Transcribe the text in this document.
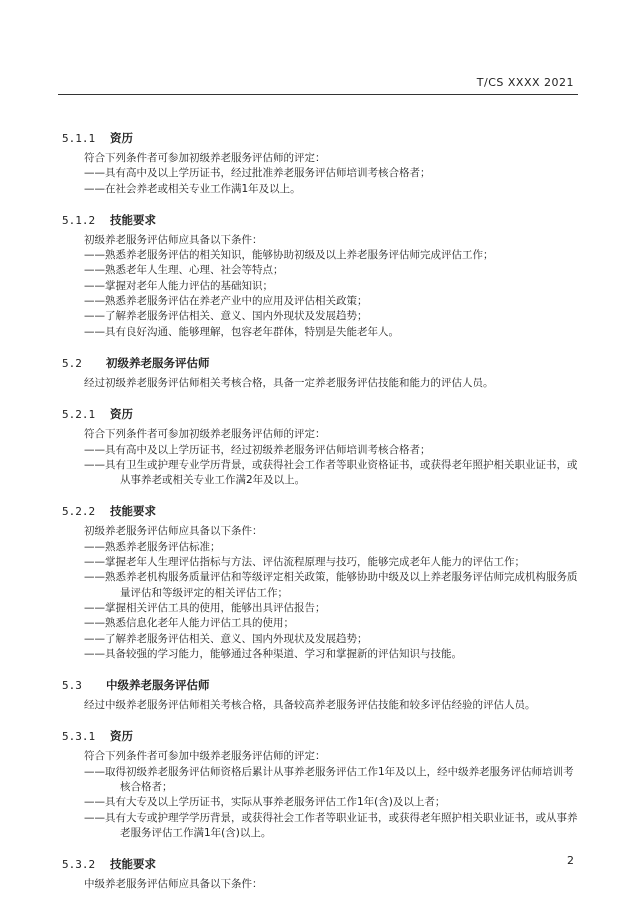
T/CS XXXX 2021
5.1.1 资历

符合下列条件者可参加初级养老服务评估师的评定：

——具有高中及以上学历证书，经过批准养老服务评估师培训考核合格者；

——在社会养老或相关专业工作满1年及以上。

5.1.2 技能要求

初级养老服务评估师应具备以下条件：

——熟悉养老服务评估的相关知识，能够协助初级及以上养老服务评估师完成评估工作；

——熟悉老年人生理、心理、社会等特点；

——掌握对老年人能力评估的基础知识；

——熟悉养老服务评估在养老产业中的应用及评估相关政策；

——了解养老服务评估相关、意义、国内外现状及发展趋势；

——具有良好沟通、能够理解，包容老年群体，特别是失能老年人。

5.2 初级养老服务评估师

经过初级养老服务评估师相关考核合格，具备一定养老服务评估技能和能力的评估人员。

5.2.1 资历

符合下列条件者可参加初级养老服务评估师的评定：

——具有高中及以上学历证书，经过初级养老服务评估师培训考核合格者；

——具有卫生或护理专业学历背景，或获得社会工作者等职业资格证书，或获得老年照护相关职业证书，或从事养老或相关专业工作满2年及以上。

5.2.2 技能要求

初级养老服务评估师应具备以下条件：

——熟悉养老服务评估标准；

——掌握老年人生理评估指标与方法、评估流程原理与技巧，能够完成老年人能力的评估工作；

——熟悉养老机构服务质量评估和等级评定相关政策，能够协助中级及以上养老服务评估师完成机构服务质量评估和等级评定的相关评估工作；

——掌握相关评估工具的使用，能够出具评估报告；

——熟悉信息化老年人能力评估工具的使用；

——了解养老服务评估相关、意义、国内外现状及发展趋势；

——具备较强的学习能力，能够通过各种渠道、学习和掌握新的评估知识与技能。

5.3 中级养老服务评估师

经过中级养老服务评估师相关考核合格，具备较高养老服务评估技能和较多评估经验的评估人员。

5.3.1 资历

符合下列条件者可参加中级养老服务评估师的评定：

——取得初级养老服务评估师资格后累计从事养老服务评估工作1年及以上，经中级养老服务评估师培训考核合格者；

——具有大专及以上学历证书，实际从事养老服务评估工作1年(含)及以上者；

——具有大专或护理学学历背景，或获得社会工作者等职业证书，或获得老年照护相关职业证书，或从事养老服务评估工作满1年(含)以上。

5.3.2 技能要求

中级养老服务评估师应具备以下条件：

2
